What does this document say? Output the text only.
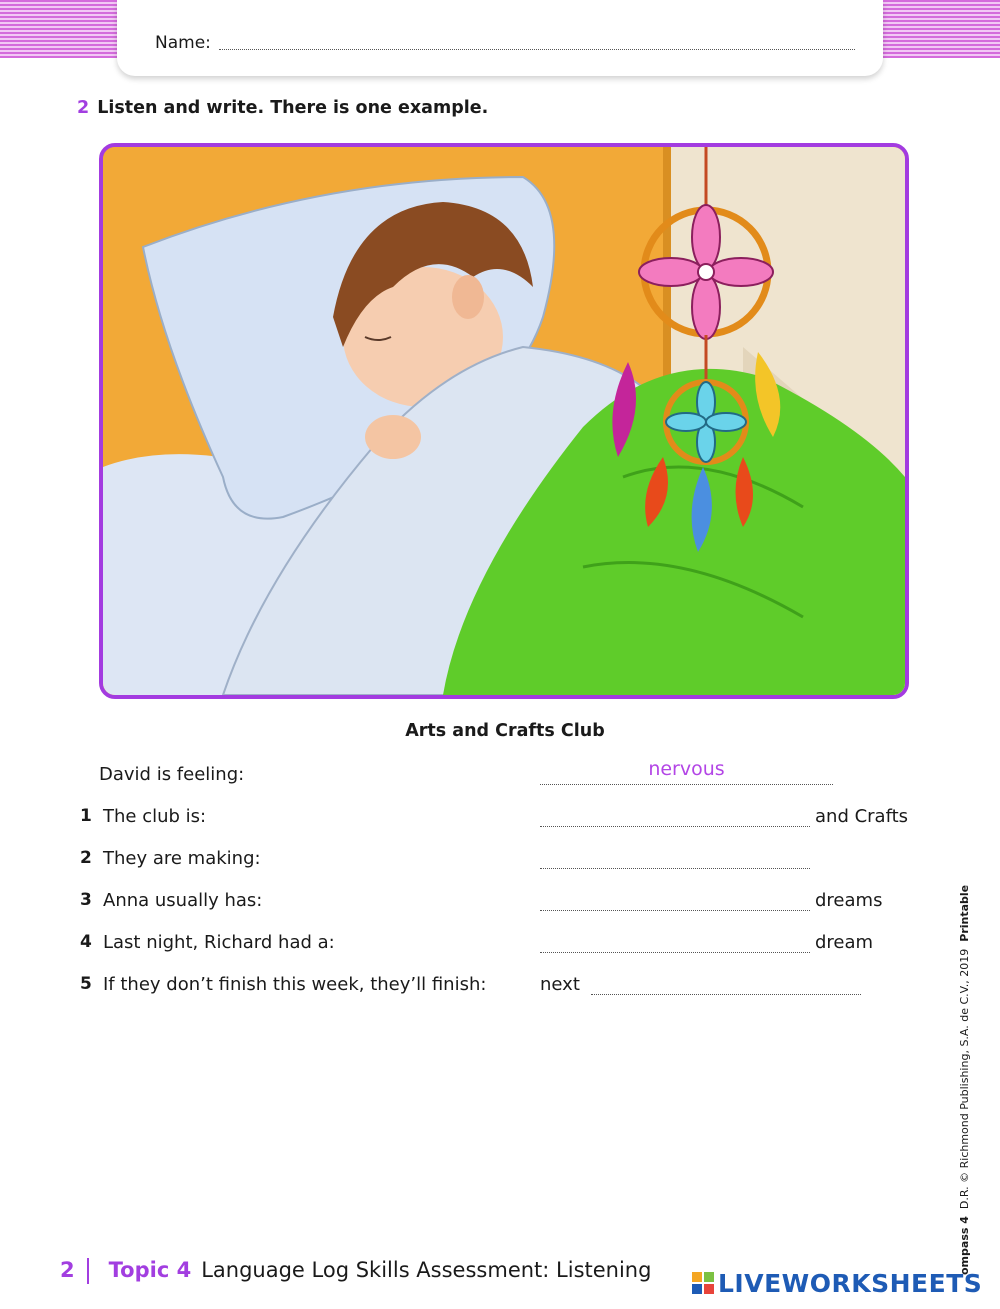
Name:
2 Listen and write. There is one example.
Arts and Crafts Club
David is feeling:	nervous
1 The club is:	and Crafts
2 They are making:
3 Anna usually has:	dreams
4 Last night, Richard had a:	dream
5 If they don’t finish this week, they’ll finish:	next
ompass 4  D.R. © Richmond Publishing, S.A. de C.V., 2019  Printable
2 Topic 4 Language Log Skills Assessment: Listening	LIVEWORKSHEETS
